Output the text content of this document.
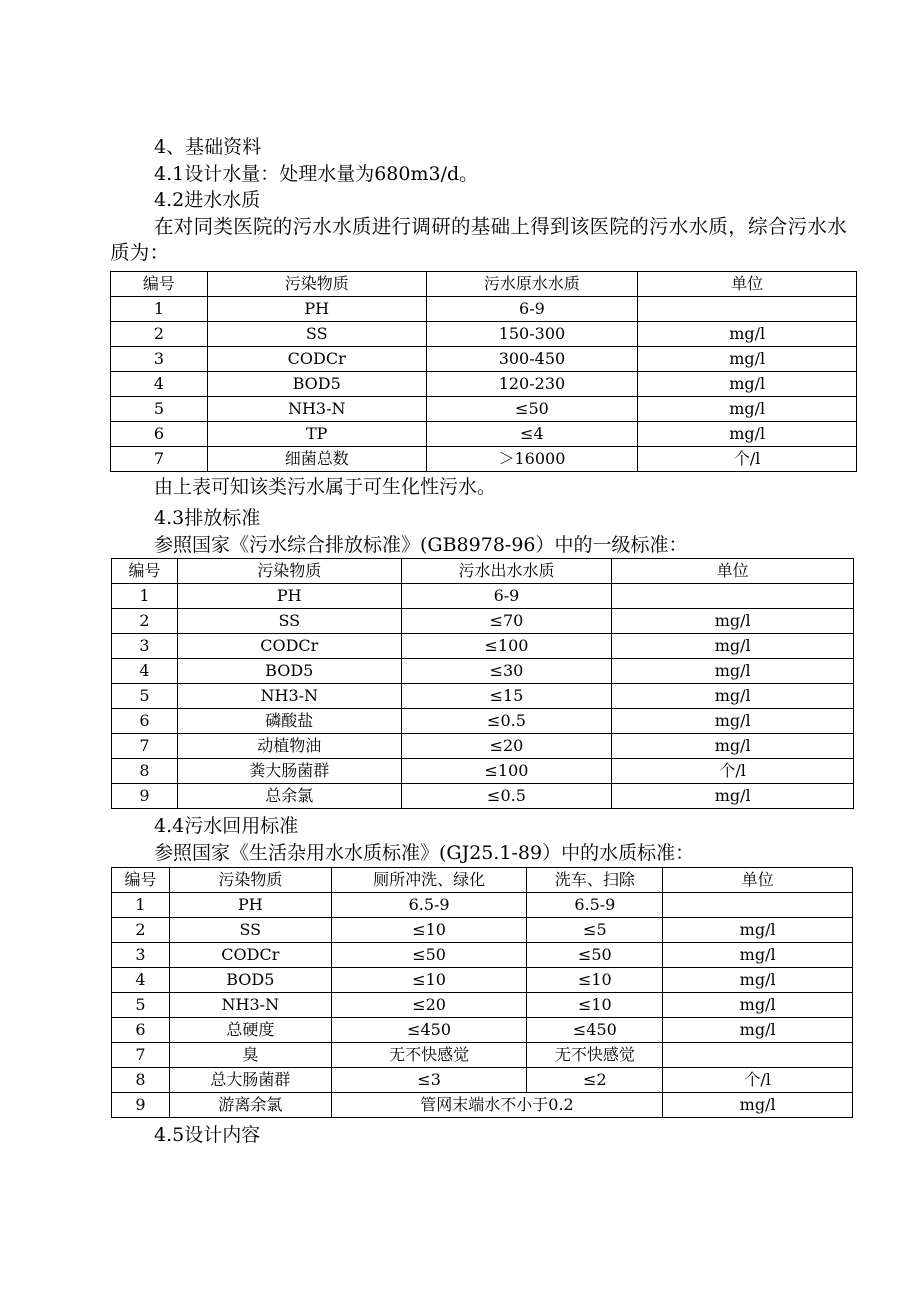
4、基础资料
4.1设计水量：处理水量为680m3/d。
4.2进水水质
在对同类医院的污水水质进行调研的基础上得到该医院的污水水质，综合污水水质为：
编号	污染物质	污水原水水质	单位
1	PH	6-9	
2	SS	150-300	mg/l
3	CODCr	300-450	mg/l
4	BOD5	120-230	mg/l
5	NH3-N	≤50	mg/l
6	TP	≤4	mg/l
7	细菌总数	＞16000	个/l
由上表可知该类污水属于可生化性污水。
4.3排放标准
参照国家《污水综合排放标准》(GB8978-96）中的一级标准：
编号	污染物质	污水出水水质	单位
1	PH	6-9	
2	SS	≤70	mg/l
3	CODCr	≤100	mg/l
4	BOD5	≤30	mg/l
5	NH3-N	≤15	mg/l
6	磷酸盐	≤0.5	mg/l
7	动植物油	≤20	mg/l
8	粪大肠菌群	≤100	个/l
9	总余氯	≤0.5	mg/l
4.4污水回用标准
参照国家《生活杂用水水质标准》(GJ25.1-89）中的水质标准：
编号	污染物质	厕所冲洗、绿化	洗车、扫除	单位
1	PH	6.5-9	6.5-9	
2	SS	≤10	≤5	mg/l
3	CODCr	≤50	≤50	mg/l
4	BOD5	≤10	≤10	mg/l
5	NH3-N	≤20	≤10	mg/l
6	总硬度	≤450	≤450	mg/l
7	臭	无不快感觉	无不快感觉	
8	总大肠菌群	≤3	≤2	个/l
9	游离余氯	管网末端水不小于0.2		mg/l
4.5设计内容
